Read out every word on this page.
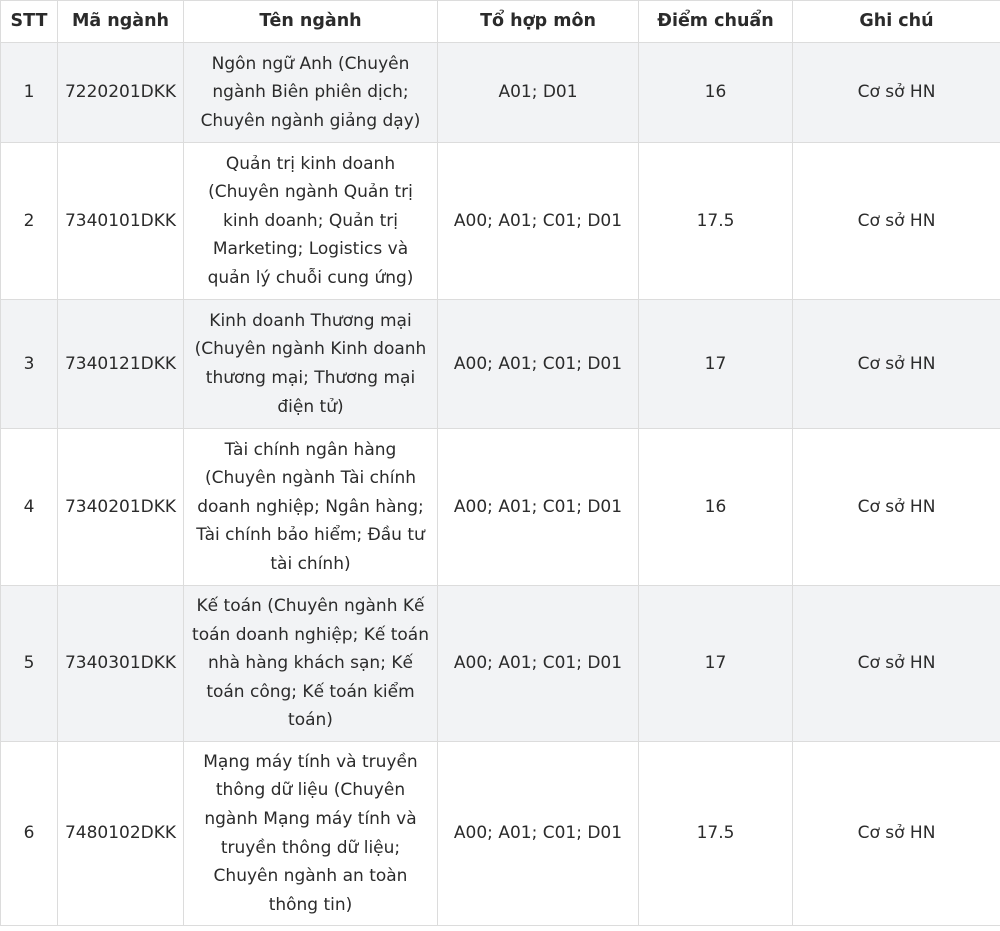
STT	Mã ngành	Tên ngành	Tổ hợp môn	Điểm chuẩn	Ghi chú
1	7220201DKK	Ngôn ngữ Anh (Chuyên ngành Biên phiên dịch; Chuyên ngành giảng dạy)	A01; D01	16	Cơ sở HN
2	7340101DKK	Quản trị kinh doanh (Chuyên ngành Quản trị kinh doanh; Quản trị Marketing; Logistics và quản lý chuỗi cung ứng)	A00; A01; C01; D01	17.5	Cơ sở HN
3	7340121DKK	Kinh doanh Thương mại (Chuyên ngành Kinh doanh thương mại; Thương mại điện tử)	A00; A01; C01; D01	17	Cơ sở HN
4	7340201DKK	Tài chính ngân hàng (Chuyên ngành Tài chính doanh nghiệp; Ngân hàng; Tài chính bảo hiểm; Đầu tư tài chính)	A00; A01; C01; D01	16	Cơ sở HN
5	7340301DKK	Kế toán (Chuyên ngành Kế toán doanh nghiệp; Kế toán nhà hàng khách sạn; Kế toán công; Kế toán kiểm toán)	A00; A01; C01; D01	17	Cơ sở HN
6	7480102DKK	Mạng máy tính và truyền thông dữ liệu (Chuyên ngành Mạng máy tính và truyền thông dữ liệu; Chuyên ngành an toàn thông tin)	A00; A01; C01; D01	17.5	Cơ sở HN
